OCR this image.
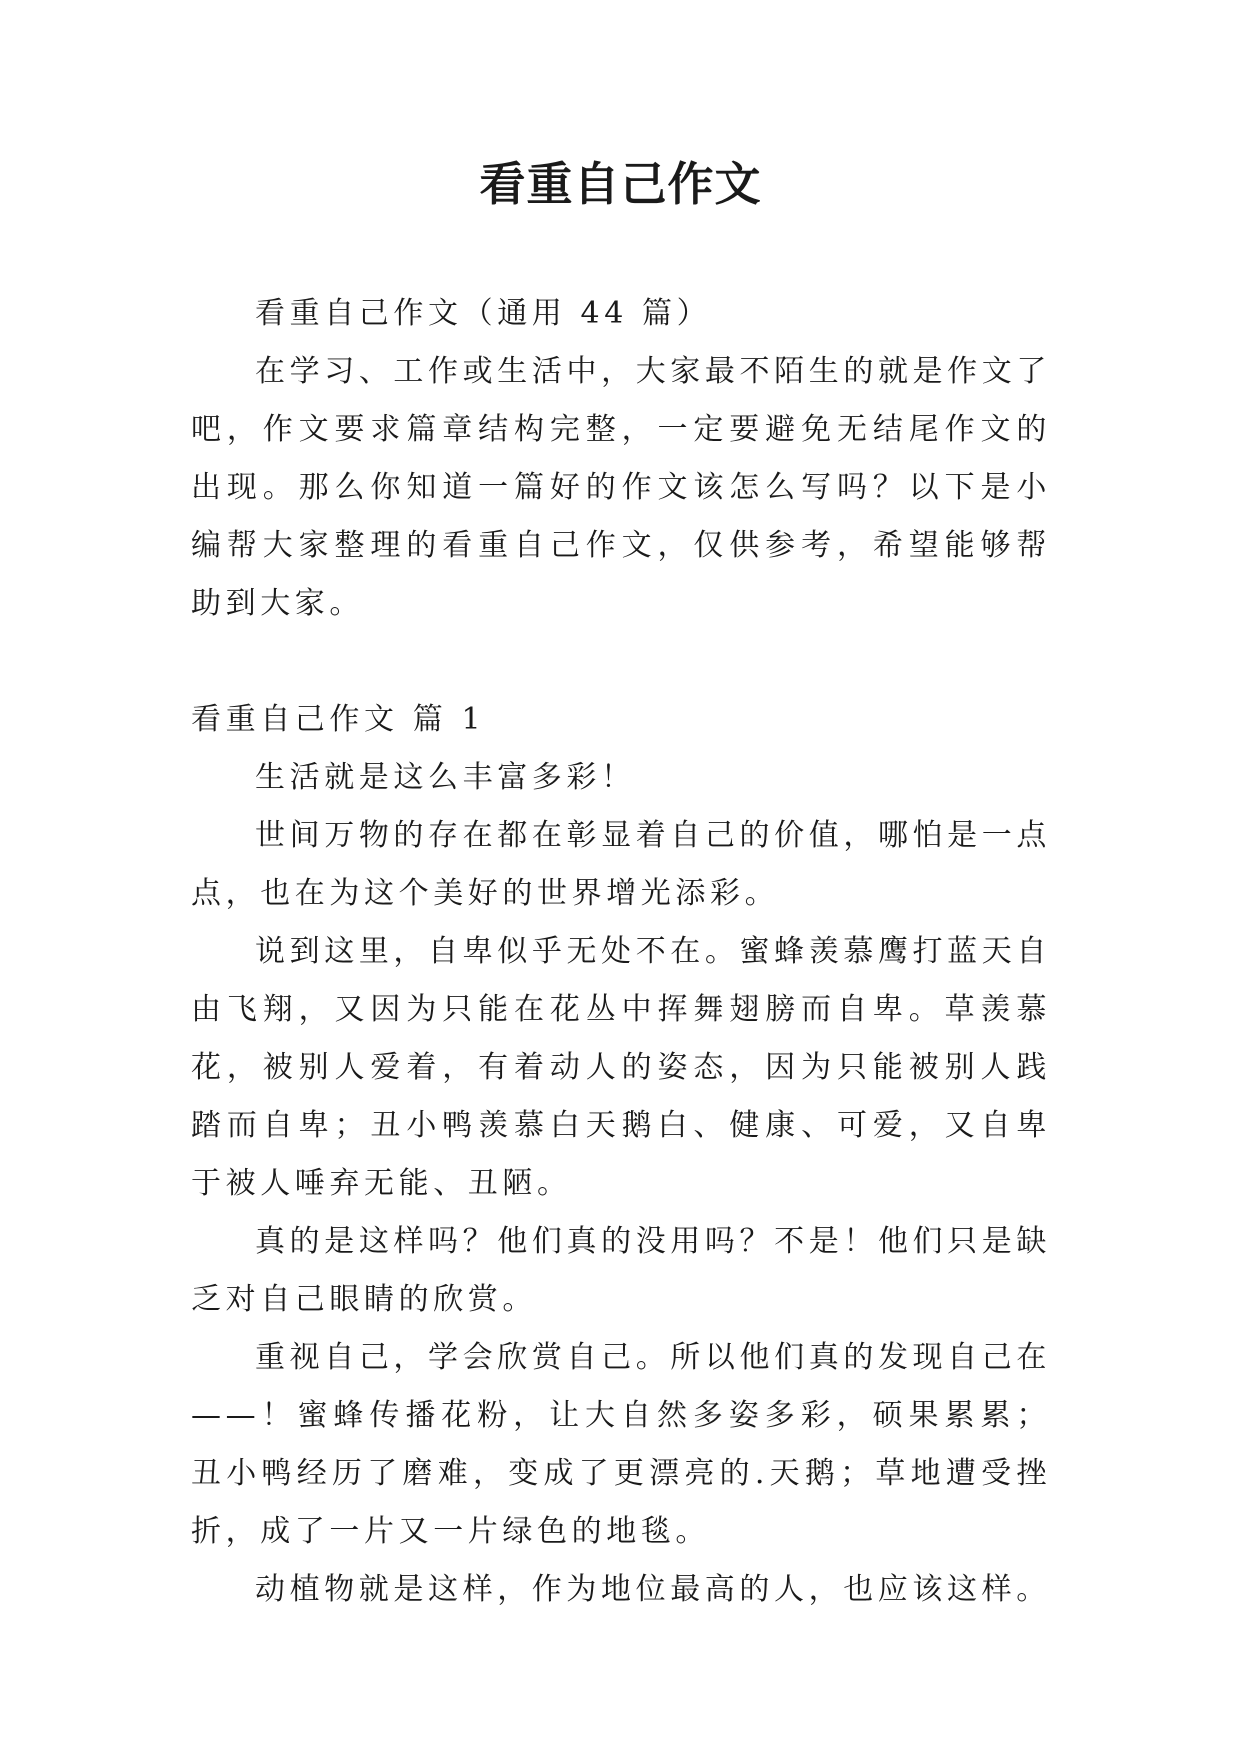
看重自己作文

看重自己作文（通用 44 篇）

在学习、工作或生活中，大家最不陌生的就是作文了吧，作文要求篇章结构完整，一定要避免无结尾作文的出现。那么你知道一篇好的作文该怎么写吗？以下是小编帮大家整理的看重自己作文，仅供参考，希望能够帮助到大家。

看重自己作文 篇 1

生活就是这么丰富多彩！

世间万物的存在都在彰显着自己的价值，哪怕是一点点，也在为这个美好的世界增光添彩。

说到这里，自卑似乎无处不在。蜜蜂羡慕鹰打蓝天自由飞翔，又因为只能在花丛中挥舞翅膀而自卑。草羡慕花，被别人爱着，有着动人的姿态，因为只能被别人践踏而自卑；丑小鸭羡慕白天鹅白、健康、可爱，又自卑于被人唾弃无能、丑陋。

真的是这样吗？他们真的没用吗？不是！他们只是缺乏对自己眼睛的欣赏。

重视自己，学会欣赏自己。所以他们真的发现自己在——！蜜蜂传播花粉，让大自然多姿多彩，硕果累累；丑小鸭经历了磨难，变成了更漂亮的.天鹅；草地遭受挫折，成了一片又一片绿色的地毯。

动植物就是这样，作为地位最高的人，也应该这样。
